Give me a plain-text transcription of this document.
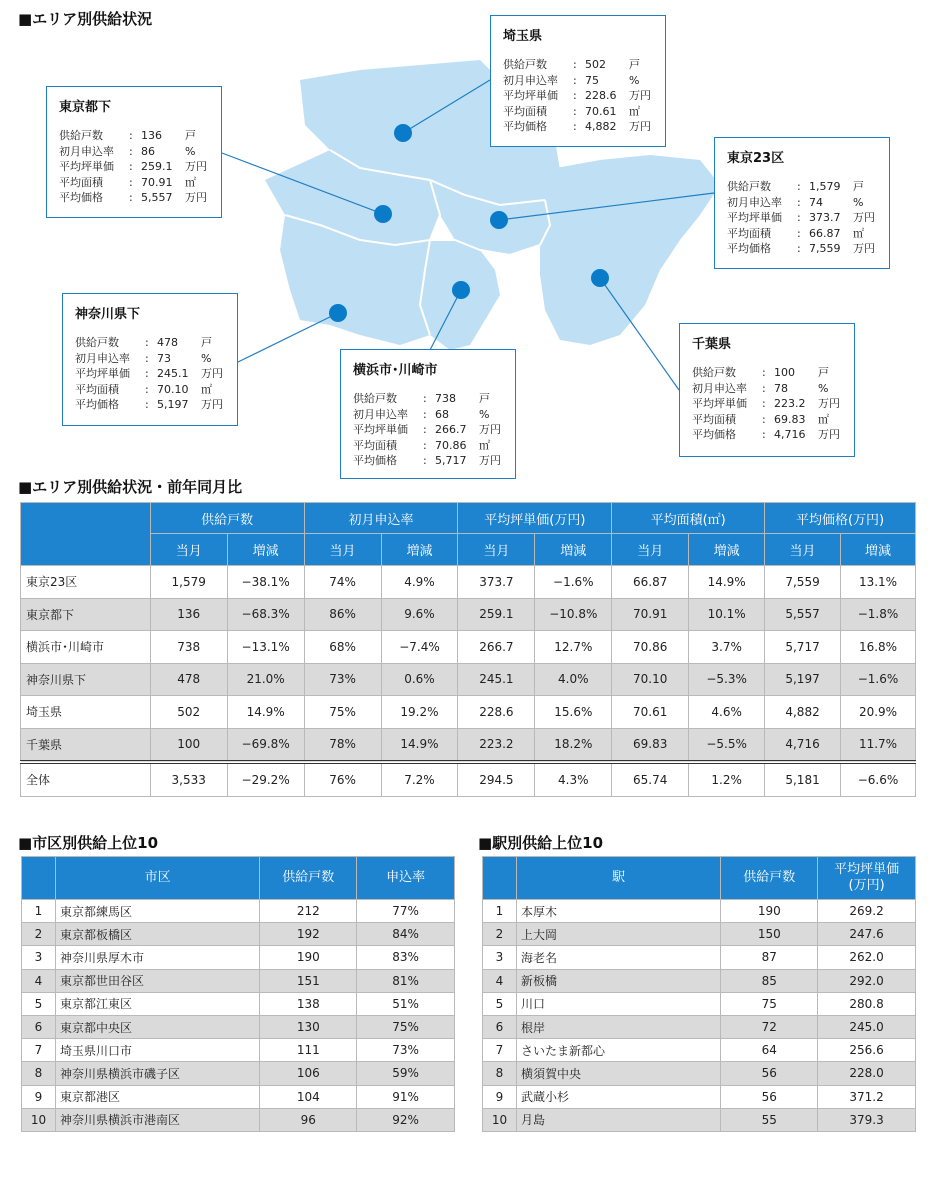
■エリア別供給状況
埼玉県
供給戸数	: 502	戸
初月申込率	: 75	%
平均坪単価	: 228.6	万円
平均面積	: 70.61	㎡
平均価格	: 4,882	万円
東京都下
供給戸数	: 136	戸
初月申込率	: 86	%
平均坪単価	: 259.1	万円
平均面積	: 70.91	㎡
平均価格	: 5,557	万円
東京23区
供給戸数	: 1,579	戸
初月申込率	: 74	%
平均坪単価	: 373.7	万円
平均面積	: 66.87	㎡
平均価格	: 7,559	万円
神奈川県下
供給戸数	: 478	戸
初月申込率	: 73	%
平均坪単価	: 245.1	万円
平均面積	: 70.10	㎡
平均価格	: 5,197	万円
横浜市･川崎市
供給戸数	: 738	戸
初月申込率	: 68	%
平均坪単価	: 266.7	万円
平均面積	: 70.86	㎡
平均価格	: 5,717	万円
千葉県
供給戸数	: 100	戸
初月申込率	: 78	%
平均坪単価	: 223.2	万円
平均面積	: 69.83	㎡
平均価格	: 4,716	万円
■エリア別供給状況・前年同月比
	供給戸数		初月申込率		平均坪単価(万円)		平均面積(㎡)		平均価格(万円)	
	当月	増減	当月	増減	当月	増減	当月	増減	当月	増減
東京23区	1,579	−38.1%	74%	4.9%	373.7	−1.6%	66.87	14.9%	7,559	13.1%
東京都下	136	−68.3%	86%	9.6%	259.1	−10.8%	70.91	10.1%	5,557	−1.8%
横浜市･川崎市	738	−13.1%	68%	−7.4%	266.7	12.7%	70.86	3.7%	5,717	16.8%
神奈川県下	478	21.0%	73%	0.6%	245.1	4.0%	70.10	−5.3%	5,197	−1.6%
埼玉県	502	14.9%	75%	19.2%	228.6	15.6%	70.61	4.6%	4,882	20.9%
千葉県	100	−69.8%	78%	14.9%	223.2	18.2%	69.83	−5.5%	4,716	11.7%
全体	3,533	−29.2%	76%	7.2%	294.5	4.3%	65.74	1.2%	5,181	−6.6%
■市区別供給上位10	■駅別供給上位10
	市区	供給戸数	申込率
1	東京都練馬区	212	77%
2	東京都板橋区	192	84%
3	神奈川県厚木市	190	83%
4	東京都世田谷区	151	81%
5	東京都江東区	138	51%
6	東京都中央区	130	75%
7	埼玉県川口市	111	73%
8	神奈川県横浜市磯子区	106	59%
9	東京都港区	104	91%
10	神奈川県横浜市港南区	96	92%
	駅	供給戸数	平均坪単価
(万円)

1	本厚木	190	269.2
2	上大岡	150	247.6
3	海老名	87	262.0
4	新板橋	85	292.0
5	川口	75	280.8
6	根岸	72	245.0
7	さいたま新都心	64	256.6
8	横須賀中央	56	228.0
9	武蔵小杉	56	371.2
10	月島	55	379.3
